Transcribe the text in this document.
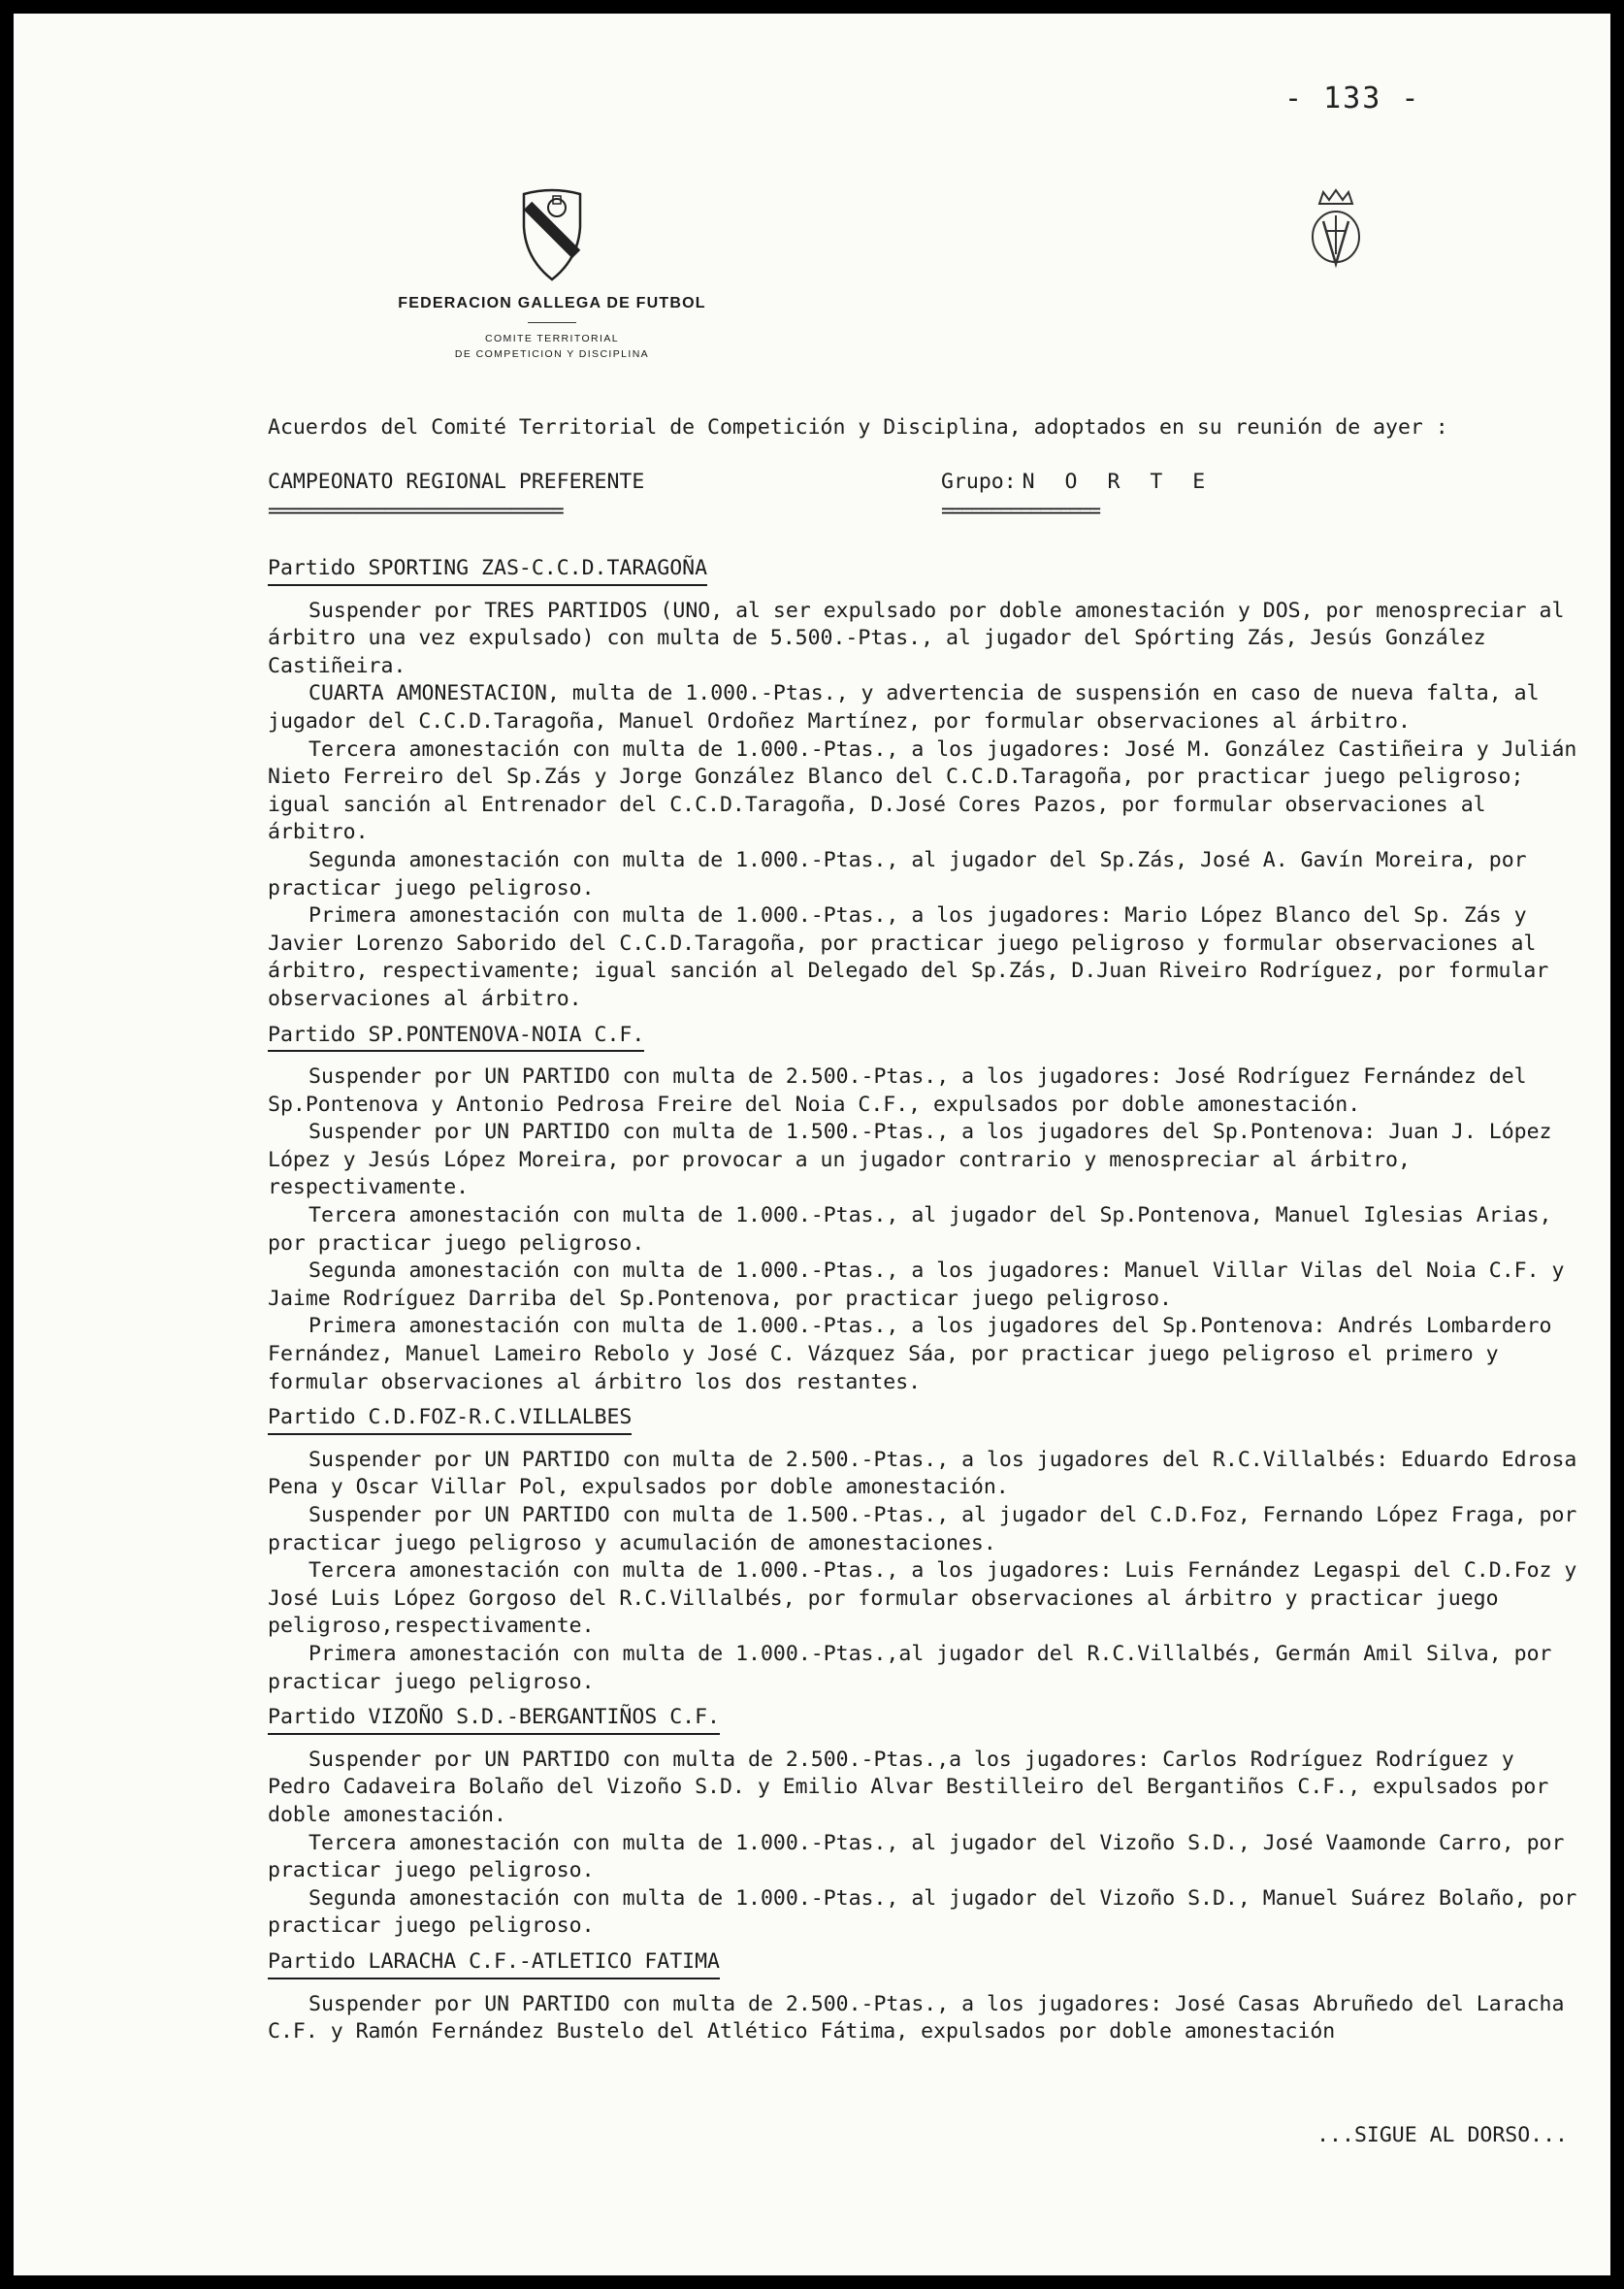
- 133 -
FEDERACION GALLEGA DE FUTBOL
COMITE TERRITORIAL
DE COMPETICION Y DISCIPLINA
Acuerdos del Comité Territorial de Competición y Disciplina, adoptados en su reunión de ayer :
CAMPEONATO REGIONAL PREFERENTE
============================
Grupo: N O R T E
================
Partido SPORTING ZAS-C.C.D.TARAGOÑA

Suspender por TRES PARTIDOS (UNO, al ser expulsado por doble amonestación y DOS, por menospreciar al árbitro una vez expulsado) con multa de 5.500.-Ptas., al jugador del Spórting Zás, Jesús González Castiñeira.

CUARTA AMONESTACION, multa de 1.000.-Ptas., y advertencia de suspensión en caso de nueva falta, al jugador del C.C.D.Taragoña, Manuel Ordoñez Martínez, por formular observaciones al árbitro.

Tercera amonestación con multa de 1.000.-Ptas., a los jugadores: José M. González Castiñeira y Julián Nieto Ferreiro del Sp.Zás y Jorge González Blanco del C.C.D.Taragoña, por practicar juego peligroso; igual sanción al Entrenador del C.C.D.Taragoña, D.José Cores Pazos, por formular observaciones al árbitro.

Segunda amonestación con multa de 1.000.-Ptas., al jugador del Sp.Zás, José A. Gavín Moreira, por practicar juego peligroso.

Primera amonestación con multa de 1.000.-Ptas., a los jugadores: Mario López Blanco del Sp. Zás y Javier Lorenzo Saborido del C.C.D.Taragoña, por practicar juego peligroso y formular observaciones al árbitro, respectivamente; igual sanción al Delegado del Sp.Zás, D.Juan Riveiro Rodríguez, por formular observaciones al árbitro.

Partido SP.PONTENOVA-NOIA C.F.

Suspender por UN PARTIDO con multa de 2.500.-Ptas., a los jugadores: José Rodríguez Fernández del Sp.Pontenova y Antonio Pedrosa Freire del Noia C.F., expulsados por doble amonestación.

Suspender por UN PARTIDO con multa de 1.500.-Ptas., a los jugadores del Sp.Pontenova: Juan J. López López y Jesús López Moreira, por provocar a un jugador contrario y menospreciar al árbitro, respectivamente.

Tercera amonestación con multa de 1.000.-Ptas., al jugador del Sp.Pontenova, Manuel Iglesias Arias, por practicar juego peligroso.

Segunda amonestación con multa de 1.000.-Ptas., a los jugadores: Manuel Villar Vilas del Noia C.F. y Jaime Rodríguez Darriba del Sp.Pontenova, por practicar juego peligroso.

Primera amonestación con multa de 1.000.-Ptas., a los jugadores del Sp.Pontenova: Andrés Lombardero Fernández, Manuel Lameiro Rebolo y José C. Vázquez Sáa, por practicar juego peligroso el primero y formular observaciones al árbitro los dos restantes.

Partido C.D.FOZ-R.C.VILLALBES

Suspender por UN PARTIDO con multa de 2.500.-Ptas., a los jugadores del R.C.Villalbés: Eduardo Edrosa Pena y Oscar Villar Pol, expulsados por doble amonestación.

Suspender por UN PARTIDO con multa de 1.500.-Ptas., al jugador del C.D.Foz, Fernando López Fraga, por practicar juego peligroso y acumulación de amonestaciones.

Tercera amonestación con multa de 1.000.-Ptas., a los jugadores: Luis Fernández Legaspi del C.D.Foz y José Luis López Gorgoso del R.C.Villalbés, por formular observaciones al árbitro y practicar juego peligroso,respectivamente.

Primera amonestación con multa de 1.000.-Ptas.,al jugador del R.C.Villalbés, Germán Amil Silva, por practicar juego peligroso.

Partido VIZOÑO S.D.-BERGANTIÑOS C.F.

Suspender por UN PARTIDO con multa de 2.500.-Ptas.,a los jugadores: Carlos Rodríguez Rodríguez y Pedro Cadaveira Bolaño del Vizoño S.D. y Emilio Alvar Bestilleiro del Bergantiños C.F., expulsados por doble amonestación.

Tercera amonestación con multa de 1.000.-Ptas., al jugador del Vizoño S.D., José Vaamonde Carro, por practicar juego peligroso.

Segunda amonestación con multa de 1.000.-Ptas., al jugador del Vizoño S.D., Manuel Suárez Bolaño, por practicar juego peligroso.

Partido LARACHA C.F.-ATLETICO FATIMA

Suspender por UN PARTIDO con multa de 2.500.-Ptas., a los jugadores: José Casas Abruñedo del Laracha C.F. y Ramón Fernández Bustelo del Atlético Fátima, expulsados por doble amonestación

...SIGUE AL DORSO...
